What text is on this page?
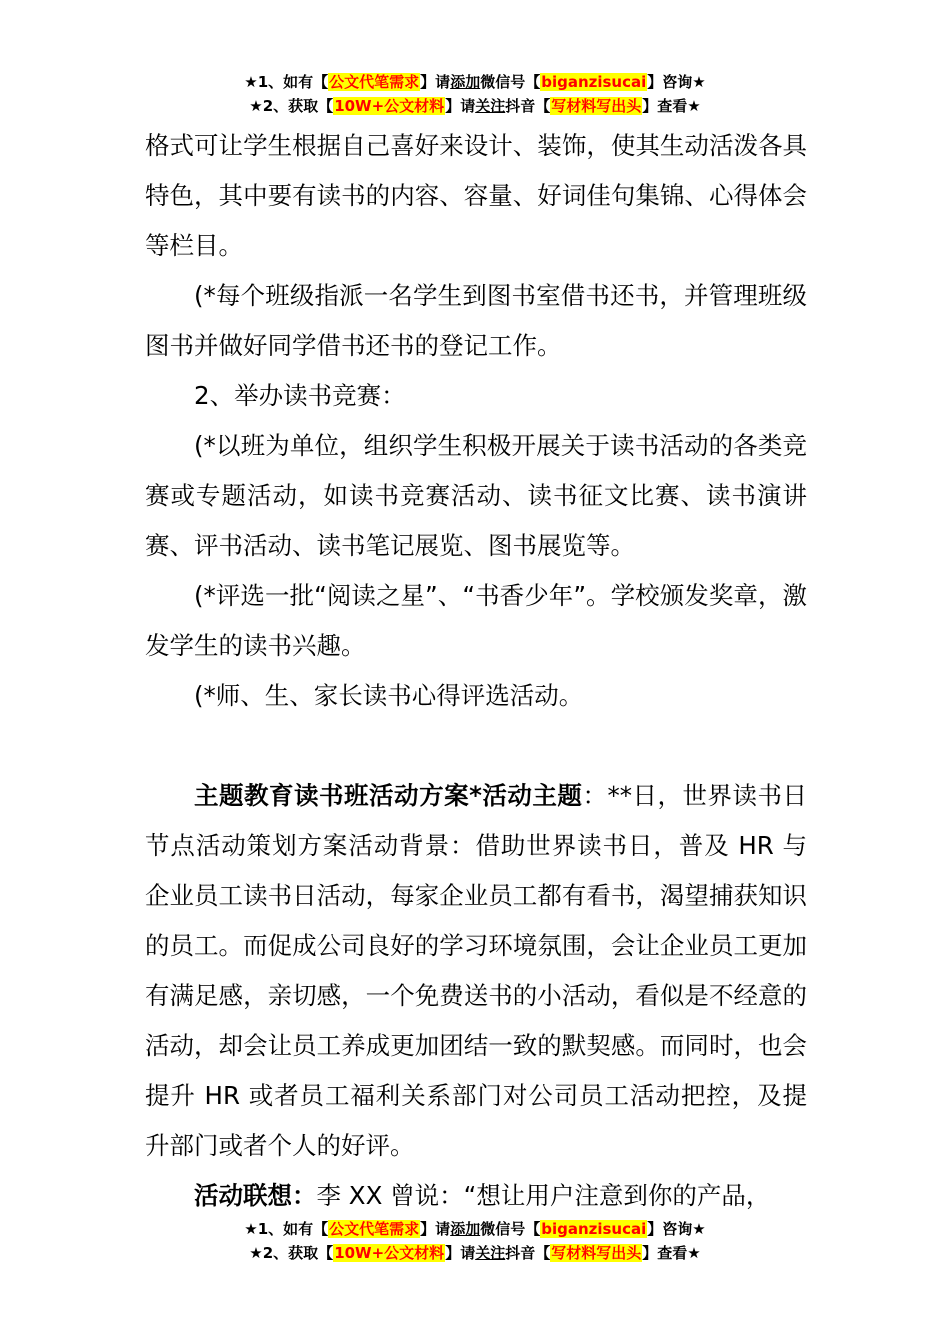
★1、如有【公文代笔需求】请添加微信号【biganzisucai】咨询★
★2、获取【10W+公文材料】请关注抖音【写材料写出头】查看★

格式可让学生根据自己喜好来设计、装饰，使其生动活泼各具特色，其中要有读书的内容、容量、好词佳句集锦、心得体会等栏目。

(*每个班级指派一名学生到图书室借书还书，并管理班级图书并做好同学借书还书的登记工作。

2、举办读书竞赛：

(*以班为单位，组织学生积极开展关于读书活动的各类竞赛或专题活动，如读书竞赛活动、读书征文比赛、读书演讲赛、评书活动、读书笔记展览、图书展览等。

(*评选一批“阅读之星”、“书香少年”。学校颁发奖章，激发学生的读书兴趣。

(*师、生、家长读书心得评选活动。

主题教育读书班活动方案*活动主题：**日，世界读书日节点活动策划方案活动背景：借助世界读书日，普及 HR 与企业员工读书日活动，每家企业员工都有看书，渴望捕获知识的员工。而促成公司良好的学习环境氛围，会让企业员工更加有满足感，亲切感，一个免费送书的小活动，看似是不经意的活动，却会让员工养成更加团结一致的默契感。而同时，也会提升 HR 或者员工福利关系部门对公司员工活动把控，及提升部门或者个人的好评。

活动联想：李 XX 曾说：“想让用户注意到你的产品，

★1、如有【公文代笔需求】请添加微信号【biganzisucai】咨询★
★2、获取【10W+公文材料】请关注抖音【写材料写出头】查看★
